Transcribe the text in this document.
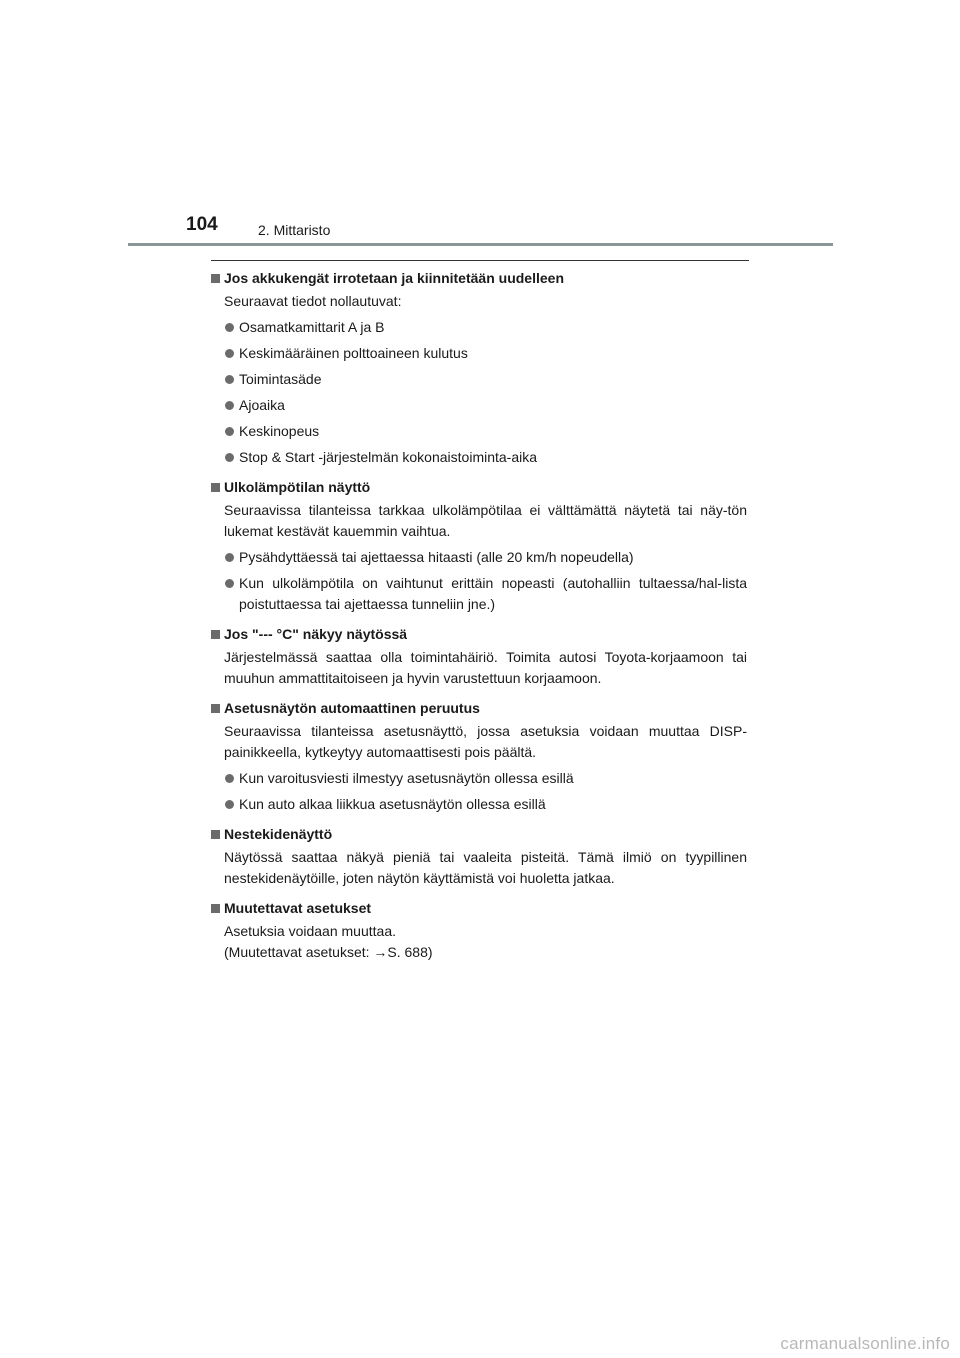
104	2. Mittaristo
Jos akkukengät irrotetaan ja kiinnitetään uudelleen
Seuraavat tiedot nollautuvat:
Osamatkamittarit A ja B
Keskimääräinen polttoaineen kulutus
Toimintasäde
Ajoaika
Keskinopeus
Stop & Start -järjestelmän kokonaistoiminta-aika
Ulkolämpötilan näyttö
Seuraavissa tilanteissa tarkkaa ulkolämpötilaa ei välttämättä näytetä tai näy-tön lukemat kestävät kauemmin vaihtua.
Pysähdyttäessä tai ajettaessa hitaasti (alle 20 km/h nopeudella)
Kun ulkolämpötila on vaihtunut erittäin nopeasti (autohalliin tultaessa/hal-lista poistuttaessa tai ajettaessa tunneliin jne.)
Jos "--- °C" näkyy näytössä
Järjestelmässä saattaa olla toimintahäiriö. Toimita autosi Toyota-korjaamoon tai muuhun ammattitaitoiseen ja hyvin varustettuun korjaamoon.
Asetusnäytön automaattinen peruutus
Seuraavissa tilanteissa asetusnäyttö, jossa asetuksia voidaan muuttaa DISP-painikkeella, kytkeytyy automaattisesti pois päältä.
Kun varoitusviesti ilmestyy asetusnäytön ollessa esillä
Kun auto alkaa liikkua asetusnäytön ollessa esillä
Nestekidenäyttö
Näytössä saattaa näkyä pieniä tai vaaleita pisteitä. Tämä ilmiö on tyypillinen nestekidenäytöille, joten näytön käyttämistä voi huoletta jatkaa.
Muutettavat asetukset
Asetuksia voidaan muuttaa.
(Muutettavat asetukset: →S. 688)
carmanualsonline.info
